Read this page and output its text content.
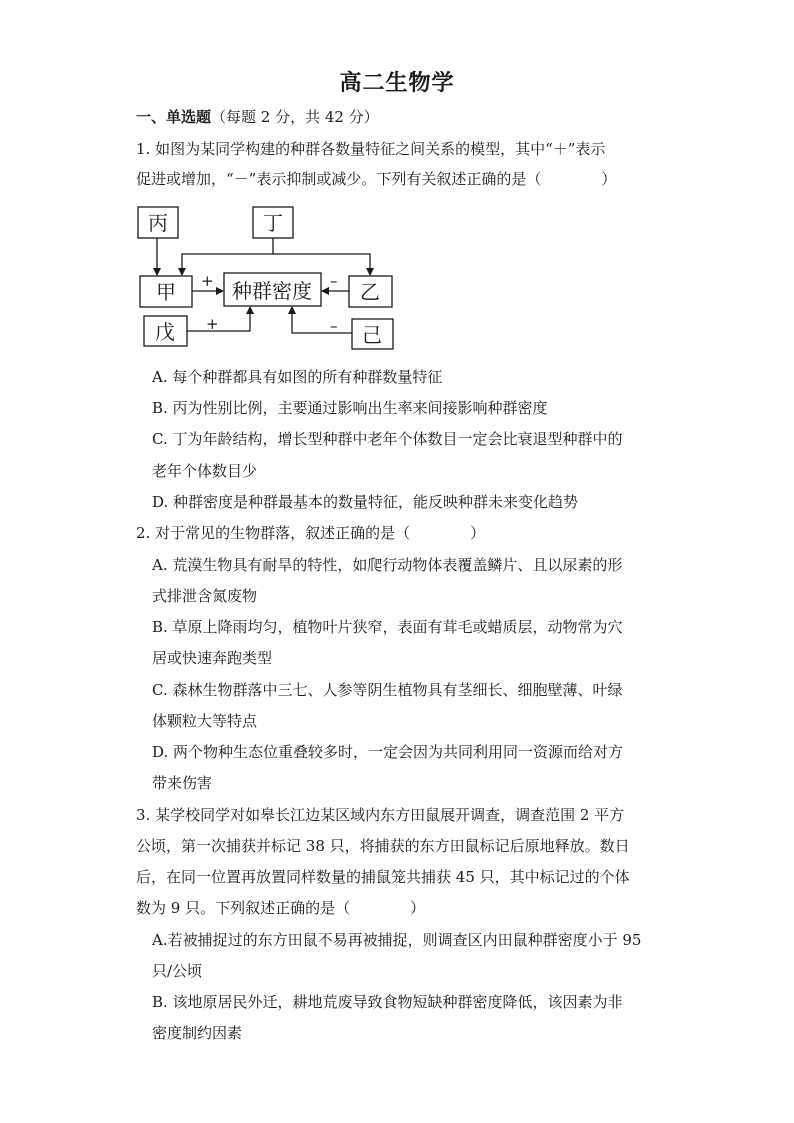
高二生物学
一、单选题（每题 2 分，共 42 分）
1. 如图为某同学构建的种群各数量特征之间关系的模型，其中“＋”表示
促进或增加，“－”表示抑制或减少。下列有关叙述正确的是（　　　　）
丙	丁
甲	种群密度 乙
戊	己
+	–
+	–
A. 每个种群都具有如图的所有种群数量特征
B. 丙为性别比例，主要通过影响出生率来间接影响种群密度
C. 丁为年龄结构，增长型种群中老年个体数目一定会比衰退型种群中的
老年个体数目少
D. 种群密度是种群最基本的数量特征，能反映种群未来变化趋势
2. 对于常见的生物群落，叙述正确的是（　　　　）
A. 荒漠生物具有耐旱的特性，如爬行动物体表覆盖鳞片、且以尿素的形
式排泄含氮废物
B. 草原上降雨均匀，植物叶片狭窄，表面有茸毛或蜡质层，动物常为穴
居或快速奔跑类型
C. 森林生物群落中三七、人参等阴生植物具有茎细长、细胞壁薄、叶绿
体颗粒大等特点
D. 两个物种生态位重叠较多时，一定会因为共同利用同一资源而给对方
带来伤害
3. 某学校同学对如皋长江边某区域内东方田鼠展开调查，调查范围 2 平方
公顷，第一次捕获并标记 38 只，将捕获的东方田鼠标记后原地释放。数日
后，在同一位置再放置同样数量的捕鼠笼共捕获 45 只，其中标记过的个体
数为 9 只。下列叙述正确的是（　　　　）
A.若被捕捉过的东方田鼠不易再被捕捉，则调查区内田鼠种群密度小于 95
只/公顷
B. 该地原居民外迁，耕地荒废导致食物短缺种群密度降低，该因素为非
密度制约因素
